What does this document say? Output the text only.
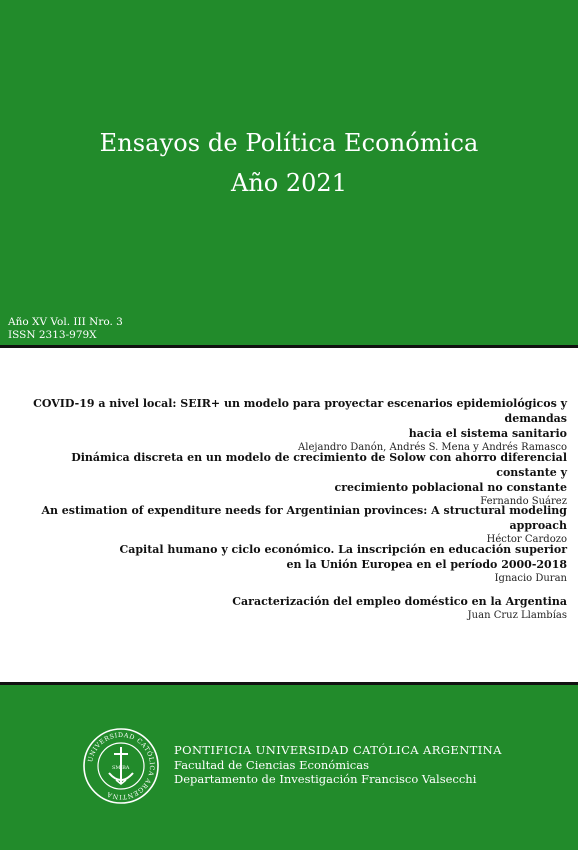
Ensayos de Política Económica
Año 2021
Año XV Vol. III Nro. 3
ISSN 2313-979X
COVID-19 a nivel local: SEIR+ un modelo para proyectar escenarios epidemiológicos y demandas
hacia el sistema sanitario
Alejandro Danón, Andrés S. Mena y Andrés Ramasco
Dinámica discreta en un modelo de crecimiento de Solow con ahorro diferencial constante y
crecimiento poblacional no constante
Fernando Suárez
An estimation of expenditure needs for Argentinian provinces: A structural modeling approach
Héctor Cardozo
Capital humano y ciclo económico. La inscripción en educación superior
en la Unión Europea en el período 2000-2018
Ignacio Duran
Caracterización del empleo doméstico en la Argentina
Juan Cruz Llambías
UNIVERSIDAD CATÓLICA ARGENTINA
SM BA
PONTIFICIA UNIVERSIDAD CATÓLICA ARGENTINA
Facultad de Ciencias Económicas
Departamento de Investigación Francisco Valsecchi
